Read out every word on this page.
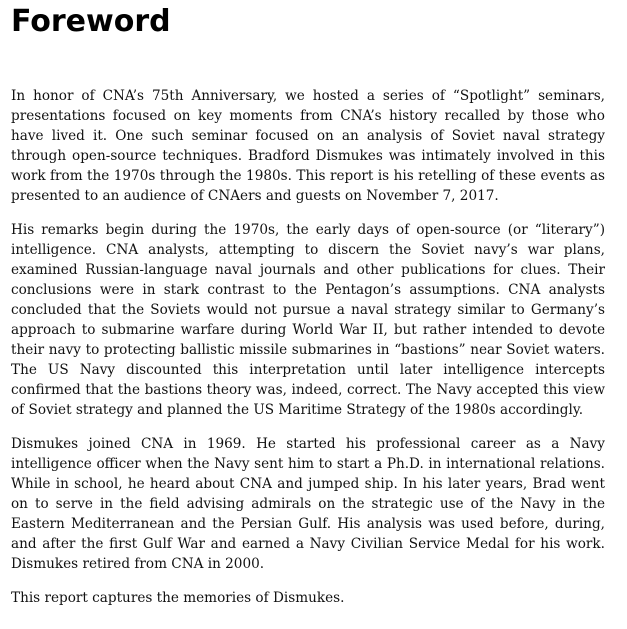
Foreword

In honor of CNA’s 75th Anniversary, we hosted a series of “Spotlight” seminars, presentations focused on key moments from CNA’s history recalled by those who have lived it. One such seminar focused on an analysis of Soviet naval strategy through open-source techniques. Bradford Dismukes was intimately involved in this work from the 1970s through the 1980s. This report is his retelling of these events as presented to an audience of CNAers and guests on November 7, 2017.

His remarks begin during the 1970s, the early days of open-source (or “literary”) intelligence. CNA analysts, attempting to discern the Soviet navy’s war plans, examined Russian-language naval journals and other publications for clues. Their conclusions were in stark contrast to the Pentagon’s assumptions. CNA analysts concluded that the Soviets would not pursue a naval strategy similar to Germany’s approach to submarine warfare during World War II, but rather intended to devote their navy to protecting ballistic missile submarines in “bastions” near Soviet waters. The US Navy discounted this interpretation until later intelligence intercepts confirmed that the bastions theory was, indeed, correct. The Navy accepted this view of Soviet strategy and planned the US Maritime Strategy of the 1980s accordingly.

Dismukes joined CNA in 1969. He started his professional career as a Navy intelligence officer when the Navy sent him to start a Ph.D. in international relations. While in school, he heard about CNA and jumped ship. In his later years, Brad went on to serve in the field advising admirals on the strategic use of the Navy in the Eastern Mediterranean and the Persian Gulf. His analysis was used before, during, and after the first Gulf War and earned a Navy Civilian Service Medal for his work. Dismukes retired from CNA in 2000.

This report captures the memories of Dismukes.
